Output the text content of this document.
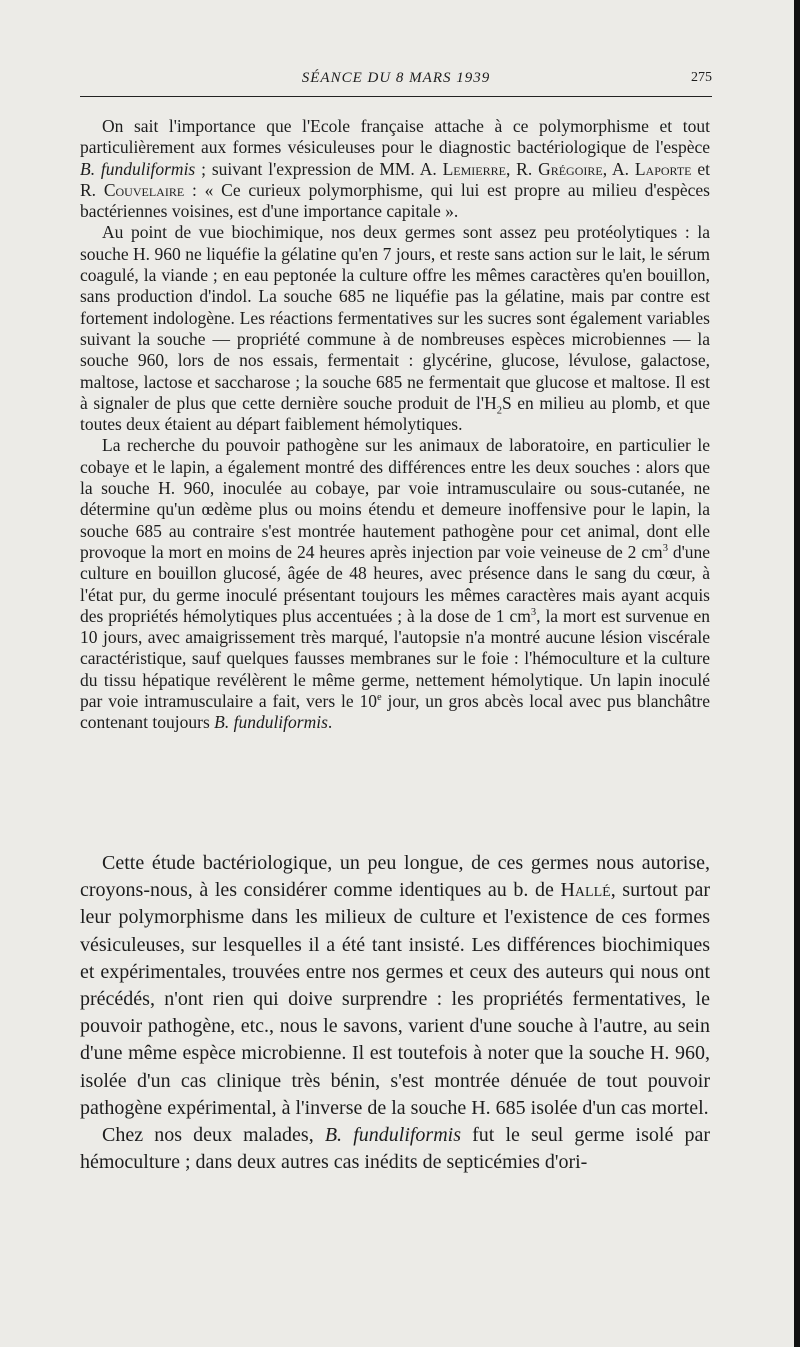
SÉANCE DU 8 MARS 1939	275

On sait l'importance que l'Ecole française attache à ce polymorphisme et tout particulièrement aux formes vésiculeuses pour le diagnostic bactériologique de l'espèce B. funduliformis ; suivant l'expression de MM. A. Lemierre, R. Grégoire, A. Laporte et R. Couvelaire : « Ce curieux polymorphisme, qui lui est propre au milieu d'espèces bactériennes voisines, est d'une importance capitale ».

Au point de vue biochimique, nos deux germes sont assez peu protéolytiques : la souche H. 960 ne liquéfie la gélatine qu'en 7 jours, et reste sans action sur le lait, le sérum coagulé, la viande ; en eau peptonée la culture offre les mêmes caractères qu'en bouillon, sans production d'indol. La souche 685 ne liquéfie pas la gélatine, mais par contre est fortement indologène. Les réactions fermentatives sur les sucres sont également variables suivant la souche — propriété commune à de nombreuses espèces microbiennes — la souche 960, lors de nos essais, fermentait : glycérine, glucose, lévulose, galactose, maltose, lactose et saccharose ; la souche 685 ne fermentait que glucose et maltose. Il est à signaler de plus que cette dernière souche produit de $l'H_2S$ en milieu au plomb, et que toutes deux étaient au départ faiblement hémolytiques.

La recherche du pouvoir pathogène sur les animaux de laboratoire, en particulier le cobaye et le lapin, a également montré des différences entre les deux souches : alors que la souche H. 960, inoculée au cobaye, par voie intramusculaire ou sous-cutanée, ne détermine qu'un œdème plus ou moins étendu et demeure inoffensive pour le lapin, la souche 685 au contraire s'est montrée hautement pathogène pour cet animal, dont elle provoque la mort en moins de 24 heures après injection par voie veineuse de 2 $cm^3$ d'une culture en bouillon glucosé, âgée de 48 heures, avec présence dans le sang du cœur, à l'état pur, du germe inoculé présentant toujours les mêmes caractères mais ayant acquis des propriétés hémolytiques plus accentuées ; à la dose de 1 $cm^3$, la mort est survenue en 10 jours, avec amaigrissement très marqué, l'autopsie n'a montré aucune lésion viscérale caractéristique, sauf quelques fausses membranes sur le foie : l'hémoculture et la culture du tissu hépatique revélèrent le même germe, nettement hémolytique. Un lapin inoculé par voie intramusculaire a fait, vers le 10e jour, un gros abcès local avec pus blanchâtre contenant toujours B. funduliformis.

Cette étude bactériologique, un peu longue, de ces germes nous autorise, croyons-nous, à les considérer comme identiques au b. de Hallé, surtout par leur polymorphisme dans les milieux de culture et l'existence de ces formes vésiculeuses, sur lesquelles il a été tant insisté. Les différences biochimiques et expérimentales, trouvées entre nos germes et ceux des auteurs qui nous ont précédés, n'ont rien qui doive surprendre : les propriétés fermentatives, le pouvoir pathogène, etc., nous le savons, varient d'une souche à l'autre, au sein d'une même espèce microbienne. Il est toutefois à noter que la souche H. 960, isolée d'un cas clinique très bénin, s'est montrée dénuée de tout pouvoir pathogène expérimental, à l'inverse de la souche H. 685 isolée d'un cas mortel.

Chez nos deux malades, B. funduliformis fut le seul germe isolé par hémoculture ; dans deux autres cas inédits de septicémies d'ori-
